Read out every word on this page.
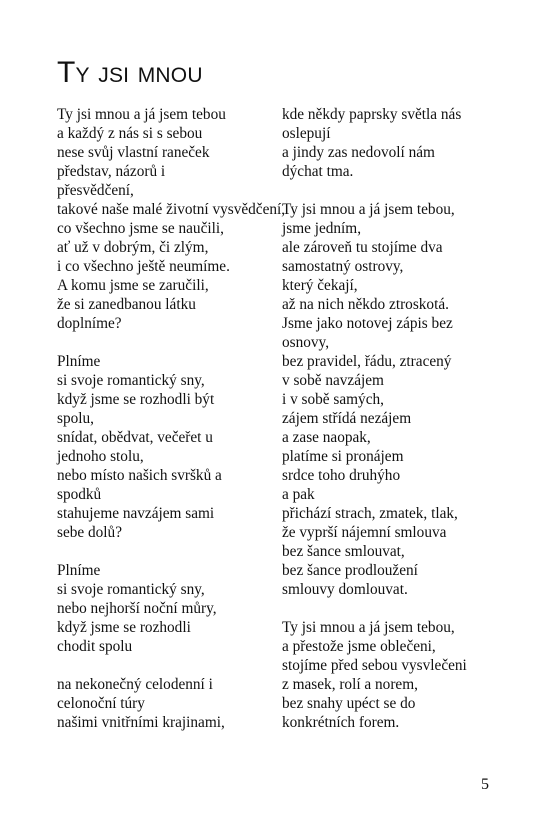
Ty jsi mnou
Ty jsi mnou a já jsem tebou
a každý z nás si s sebou
nese svůj vlastní raneček
představ, názorů i
přesvědčení,
takové naše malé životní vysvědčení,
co všechno jsme se naučili,
ať už v dobrým, či zlým,
i co všechno ještě neumíme.
A komu jsme se zaručili,
že si zanedbanou látku
doplníme?
Plníme
si svoje romantický sny,
když jsme se rozhodli být
spolu,
snídat, obědvat, večeřet u
jednoho stolu,
nebo místo našich svršků a
spodků
stahujeme navzájem sami
sebe dolů?
Plníme
si svoje romantický sny,
nebo nejhorší noční můry,
když jsme se rozhodli
chodit spolu
na nekonečný celodenní i
celonoční túry
našimi vnitřními krajinami,
kde někdy paprsky světla nás
oslepují
a jindy zas nedovolí nám
dýchat tma.
Ty jsi mnou a já jsem tebou,
jsme jedním,
ale zároveň tu stojíme dva
samostatný ostrovy,
který čekají,
až na nich někdo ztroskotá.
Jsme jako notovej zápis bez
osnovy,
bez pravidel, řádu, ztracený
v sobě navzájem
i v sobě samých,
zájem střídá nezájem
a zase naopak,
platíme si pronájem
srdce toho druhýho
a pak
přichází strach, zmatek, tlak,
že vyprší nájemní smlouva
bez šance smlouvat,
bez šance prodloužení
smlouvy domlouvat.
Ty jsi mnou a já jsem tebou,
a přestože jsme oblečeni,
stojíme před sebou vysvlečeni
z masek, rolí a norem,
bez snahy upéct se do
konkrétních forem.
5
